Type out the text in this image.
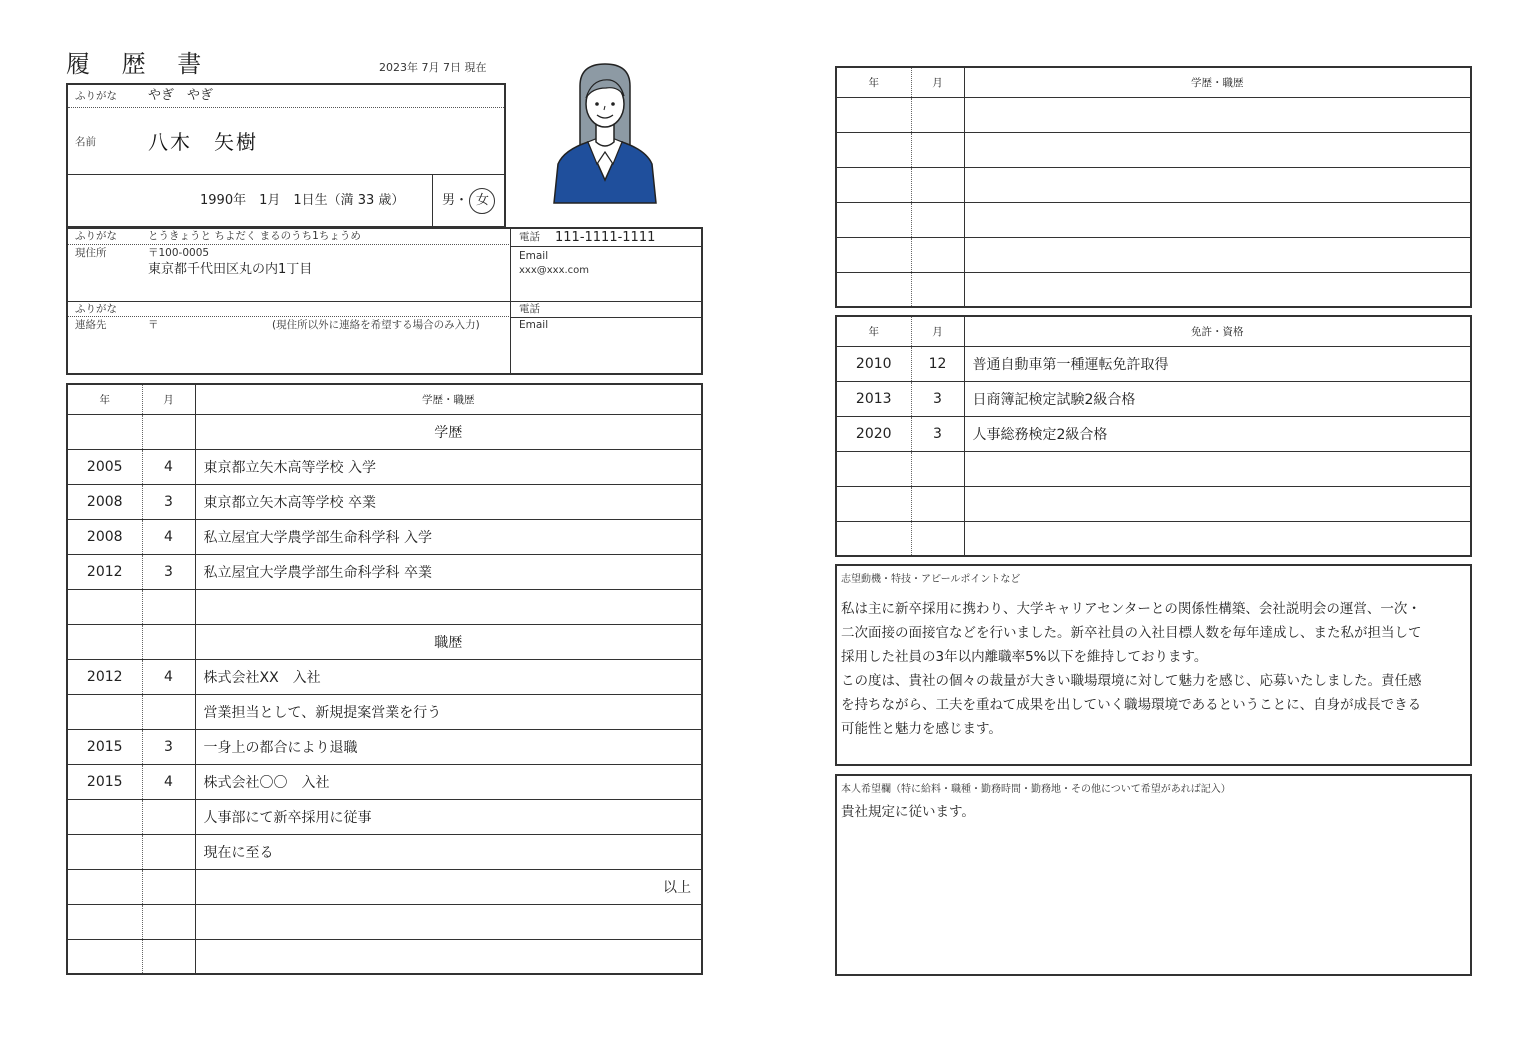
履 歴 書	2023年 7月 7日 現在
ふりがな やぎ　やぎ
名前	八木　矢樹
1990年　1月　1日生（満 33 歳）	男・ 女
ふりがな	とうきょうと ちよだく まるのうち1ちょうめ
現住所	〒100-0005
東京都千代田区丸の内1丁目
電話 111-1111-1111
Email
xxx@xxx.com
ふりがな
連絡先	〒	(現住所以外に連絡を希望する場合のみ入力)
電話
Email
年	月	学歴・職歴
		学歴
2005	4	東京都立矢木高等学校 入学
2008	3	東京都立矢木高等学校 卒業
2008	4	私立屋宜大学農学部生命科学科 入学
2012	3	私立屋宜大学農学部生命科学科 卒業

		職歴
2012	4	株式会社XX　入社
		営業担当として、新規提案営業を行う
2015	3	一身上の都合により退職
2015	4	株式会社〇〇　入社
		人事部にて新卒採用に従事
		現在に至る
		以上

年	月	学歴・職歴

年	月	免許・資格
2010	12	普通自動車第一種運転免許取得
2013	3	日商簿記検定試験2級合格
2020	3	人事総務検定2級合格

志望動機・特技・アピールポイントなど
私は主に新卒採用に携わり、大学キャリアセンターとの関係性構築、会社説明会の運営、一次・
二次面接の面接官などを行いました。新卒社員の入社目標人数を毎年達成し、また私が担当して
採用した社員の3年以内離職率5%以下を維持しております。
この度は、貴社の個々の裁量が大きい職場環境に対して魅力を感じ、応募いたしました。責任感
を持ちながら、工夫を重ねて成果を出していく職場環境であるということに、自身が成長できる
可能性と魅力を感じます。
本人希望欄（特に給料・職種・勤務時間・勤務地・その他について希望があれば記入）
貴社規定に従います。
